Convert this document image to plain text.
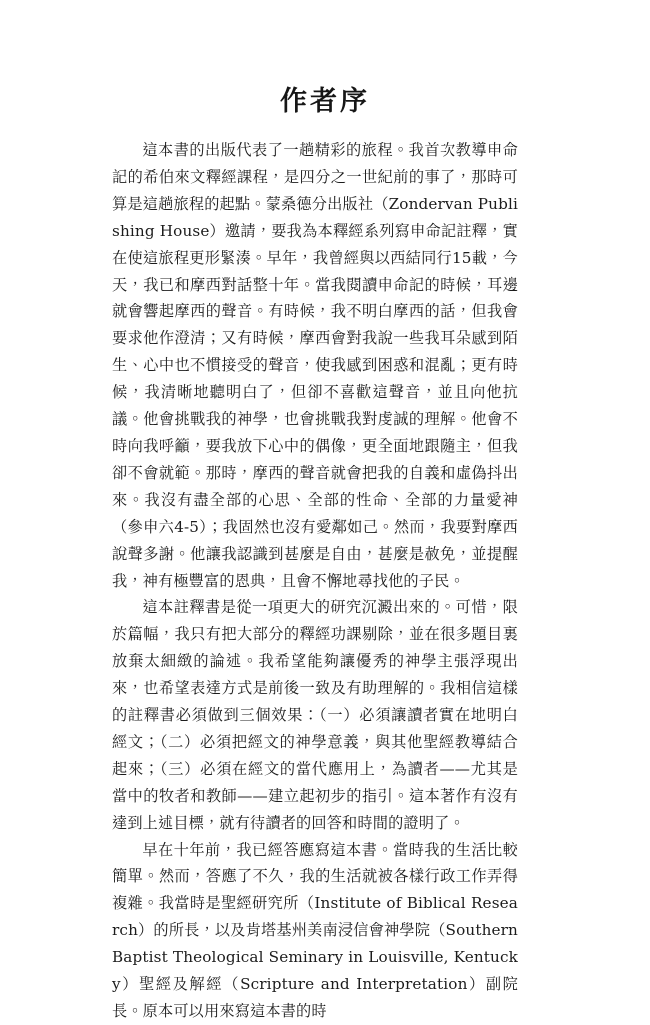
作者序

這本書的出版代表了一趟精彩的旅程。我首次教導申命記的希伯來文釋經課程，是四分之一世紀前的事了，那時可算是這趟旅程的起點。蒙桑德分出版社（Zondervan Publishing House）邀請，要我為本釋經系列寫申命記註釋，實在使這旅程更形緊湊。早年，我曾經與以西結同行15載，今天，我已和摩西對話整十年。當我閱讀申命記的時候，耳邊就會響起摩西的聲音。有時候，我不明白摩西的話，但我會要求他作澄清；又有時候，摩西會對我說一些我耳朵感到陌生、心中也不慣接受的聲音，使我感到困惑和混亂；更有時候，我清晰地聽明白了，但卻不喜歡這聲音，並且向他抗議。他會挑戰我的神學，也會挑戰我對虔誠的理解。他會不時向我呼籲，要我放下心中的偶像，更全面地跟隨主，但我卻不會就範。那時，摩西的聲音就會把我的自義和虛偽抖出來。我沒有盡全部的心思、全部的性命、全部的力量愛神（參申六4-5）；我固然也沒有愛鄰如己。然而，我要對摩西說聲多謝。他讓我認識到甚麼是自由，甚麼是赦免，並提醒我，神有極豐富的恩典，且會不懈地尋找他的子民。

這本註釋書是從一項更大的研究沉澱出來的。可惜，限於篇幅，我只有把大部分的釋經功課剔除，並在很多題目裏放棄太細緻的論述。我希望能夠讓優秀的神學主張浮現出來，也希望表達方式是前後一致及有助理解的。我相信這樣的註釋書必須做到三個效果：（一）必須讓讀者實在地明白經文；（二）必須把經文的神學意義，與其他聖經教導結合起來；（三）必須在經文的當代應用上，為讀者——尤其是當中的牧者和教師——建立起初步的指引。這本著作有沒有達到上述目標，就有待讀者的回答和時間的證明了。

早在十年前，我已經答應寫這本書。當時我的生活比較簡單。然而，答應了不久，我的生活就被各樣行政工作弄得複雜。我當時是聖經研究所（Institute of Biblical Research）的所長，以及肯塔基州美南浸信會神學院（Southern Baptist Theological Seminary in Louisville, Kentucky）聖經及解經（Scripture and Interpretation）副院長。原本可以用來寫這本書的時
